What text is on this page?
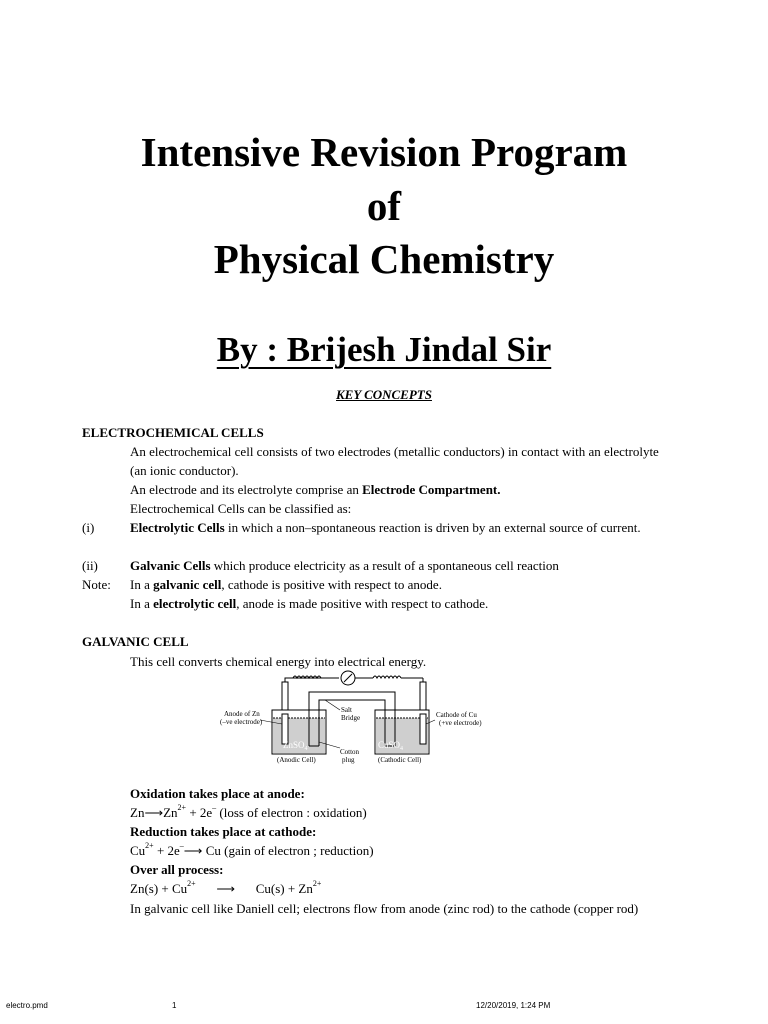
Intensive Revision Program
of
Physical Chemistry
By : Brijesh Jindal Sir
KEY CONCEPTS
ELECTROCHEMICAL CELLS
An electrochemical cell consists of two electrodes (metallic conductors) in contact with an electrolyte
(an ionic conductor).
An electrode and its electrolyte comprise an Electrode Compartment.
Electrochemical Cells can be classified as:
(i)	Electrolytic Cells in which a non–spontaneous reaction is driven by an external source of current.
(ii) Galvanic Cells which produce electricity as a result of a spontaneous cell reaction
Note: In a galvanic cell, cathode is positive with respect to anode.
In a electrolytic cell, anode is made positive with respect to cathode.
GALVANIC CELL
This cell converts chemical energy into electrical energy.
Anode of Zn
(–ve electrode)
Salt
Bridge	Cathode of Cu
(+ve electrode)
ZnSO$_4$	CuSO$_4$
(Anodic Cell)	(Cathodic Cell)
Cotton
plug
Oxidation takes place at anode:
$Zn⟶Zn^{2+} + 2e^-$ (loss of electron : oxidation)
Reduction takes place at cathode:
$Cu^{2+}$ + 2e–⟶ Cu (gain of electron ; reduction)
Over all process:
$Zn(s) + Cu^{2+}$ ⟶ $Cu(s) + Zn^{2+}$
In galvanic cell like Daniell cell; electrons flow from anode (zinc rod) to the cathode (copper rod)
electro.pmd	1	12/20/2019, 1:24 PM
